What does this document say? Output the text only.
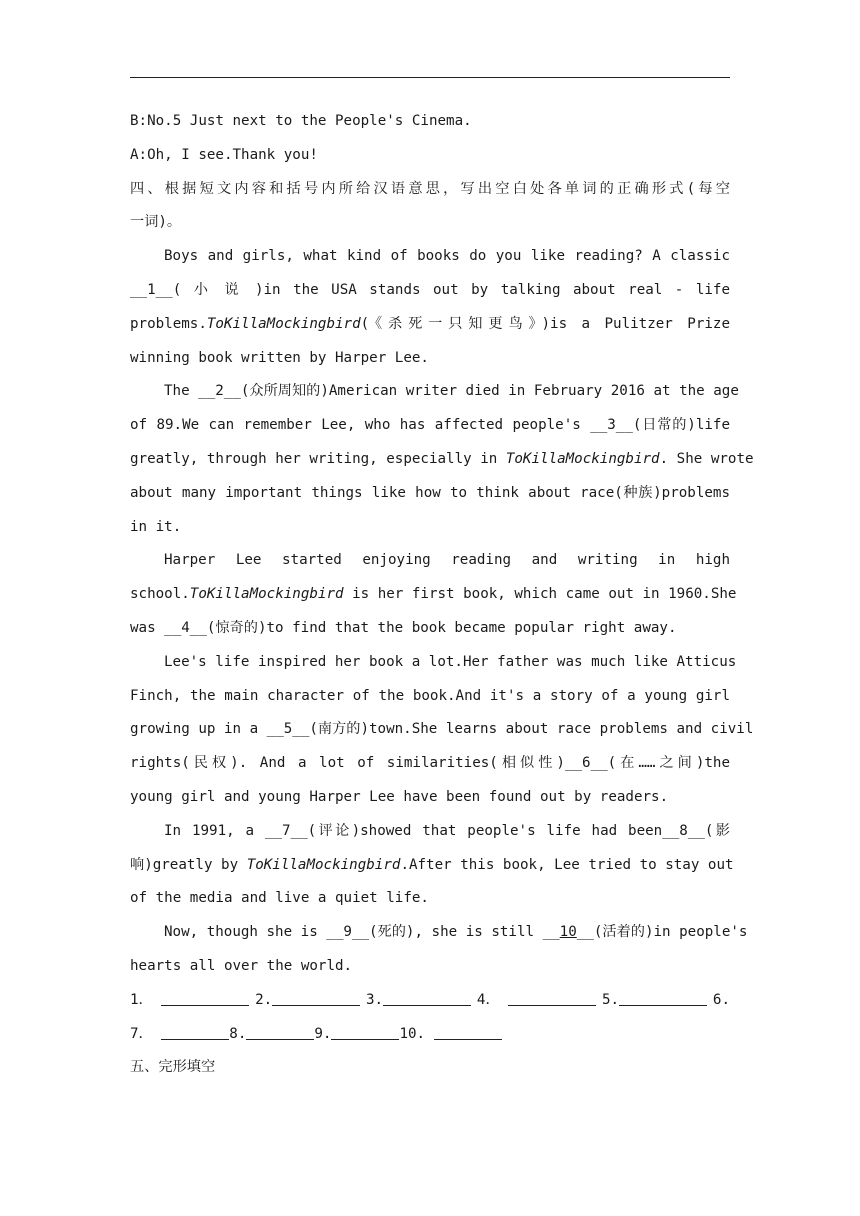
B:No.5 Just next to the People's Cinema.
A:Oh, I see.Thank you!
四、根据短文内容和括号内所给汉语意思，写出空白处各单词的正确形式(每空
一词)。
Boys and girls, what kind of books do you like reading? A classic
__1__( 小 说 )in the USA stands out by talking about real - life
problems.ToKillaMockingbird(《杀死一只知更鸟》)is a Pulitzer Prize
winning book written by Harper Lee.
The __2__(众所周知的)American writer died in February 2016 at the age
of 89.We can remember Lee, who has affected people's __3__(日常的)life
greatly, through her writing, especially in ToKillaMockingbird. She wrote
about many important things like how to think about race(种族)problems
in it.
Harper Lee started enjoying reading and writing in high
school.ToKillaMockingbird is her first book, which came out in 1960.She
was __4__(惊奇的)to find that the book became popular right away.
Lee's life inspired her book a lot.Her father was much like Atticus
Finch, the main character of the book.And it's a story of a young girl
growing up in a __5__(南方的)town.She learns about race problems and civil
rights(民权). And a lot of similarities(相似性)__6__(在……之间)the
young girl and young Harper Lee have been found out by readers.
In 1991, a __7__(评论)showed that people's life had been__8__(影
响)greatly by ToKillaMockingbird.After this book, Lee tried to stay out
of the media and live a quiet life.
Now, though she is __9__(死的), she is still __10__(活着的)in people's
hearts all over the world.
1．	2.	3.	4．	5.	6.
7．	8.	9.	10.
五、完形填空
